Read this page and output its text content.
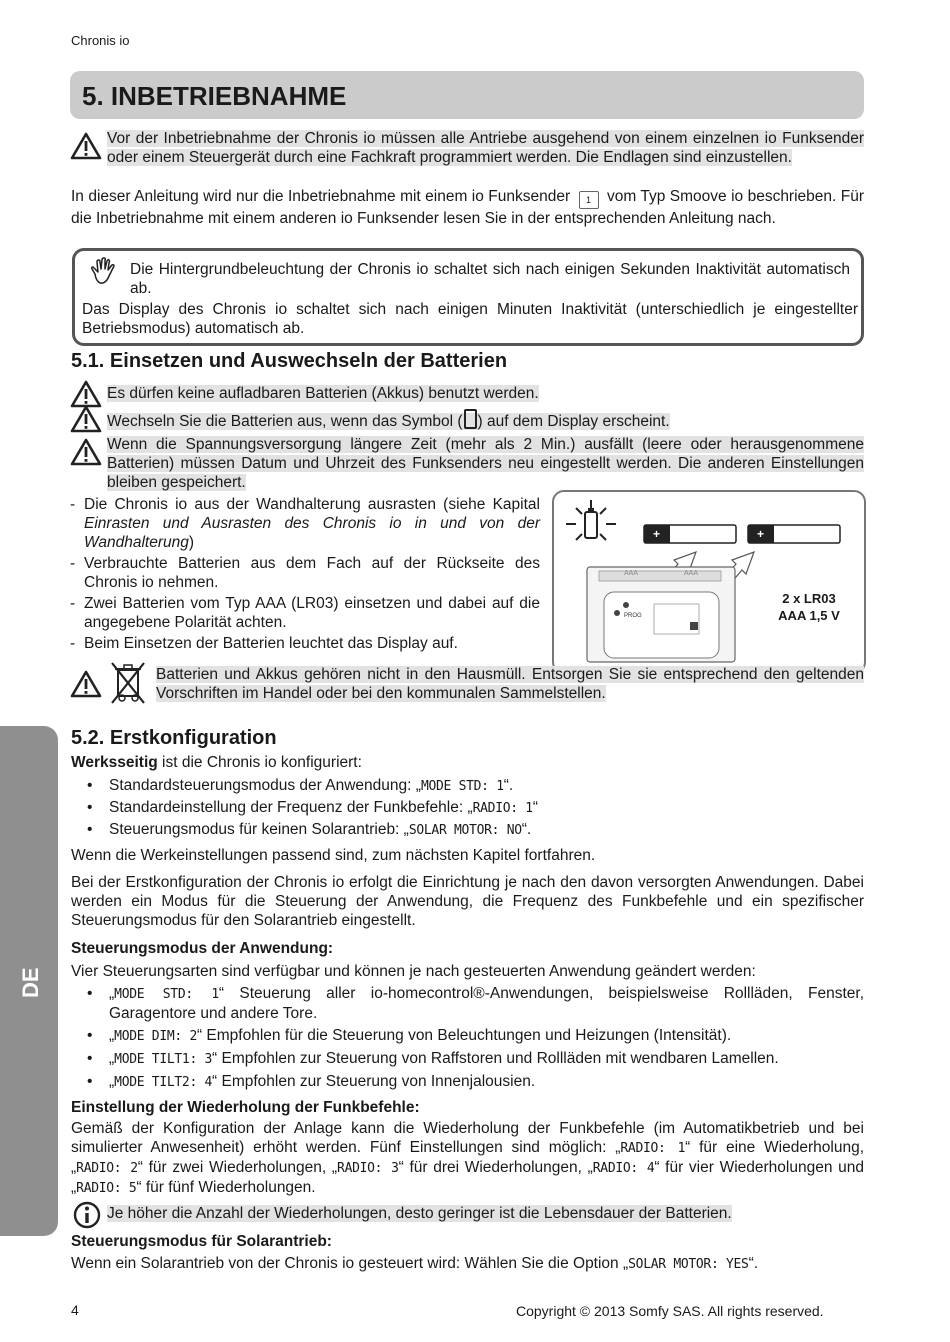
Chronis io
DE
5. INBETRIEBNAHME
Vor der Inbetriebnahme der Chronis io müssen alle Antriebe ausgehend von einem einzelnen io Funksender oder einem Steuergerät durch eine Fachkraft programmiert werden. Die Endlagen sind einzustellen.
In dieser Anleitung wird nur die Inbetriebnahme mit einem io Funksender 1 vom Typ Smoove io beschrieben. Für die Inbetriebnahme mit einem anderen io Funksender lesen Sie in der entsprechenden Anleitung nach.
Die Hintergrundbeleuchtung der Chronis io schaltet sich nach einigen Sekunden Inaktivität automatisch ab.
Das Display des Chronis io schaltet sich nach einigen Minuten Inaktivität (unterschiedlich je eingestellter Betriebsmodus) automatisch ab.
5.1. Einsetzen und Auswechseln der Batterien
Es dürfen keine aufladbaren Batterien (Akkus) benutzt werden.
Wechseln Sie die Batterien aus, wenn das Symbol ( ) auf dem Display erscheint.
Wenn die Spannungsversorgung längere Zeit (mehr als 2 Min.) ausfällt (leere oder herausgenommene Batterien) müssen Datum und Uhrzeit des Funksenders neu eingestellt werden. Die anderen Einstellungen bleiben gespeichert.
- Die Chronis io aus der Wandhalterung ausrasten (siehe Kapital Einrasten und Ausrasten des Chronis io in und von der Wandhalterung)
- Verbrauchte Batterien aus dem Fach auf der Rückseite des Chronis io nehmen.
- Zwei Batterien vom Typ AAA (LR03) einsetzen und dabei auf die angegebene Polarität achten.
- Beim Einsetzen der Batterien leuchtet das Display auf.
+	+
AAA	AAA
PROG
2 x LR03
AAA 1,5 V
Batterien und Akkus gehören nicht in den Hausmüll. Entsorgen Sie sie entsprechend den geltenden Vorschriften im Handel oder bei den kommunalen Sammelstellen.
5.2. Erstkonfiguration
Werksseitig ist die Chronis io konfiguriert:
• Standardsteuerungsmodus der Anwendung: „MODE STD: 1“.
• Standardeinstellung der Frequenz der Funkbefehle: „RADIO: 1“
• Steuerungsmodus für keinen Solarantrieb: „SOLAR MOTOR: NO“.
Wenn die Werkeinstellungen passend sind, zum nächsten Kapitel fortfahren.
Bei der Erstkonfiguration der Chronis io erfolgt die Einrichtung je nach den davon versorgten Anwendungen. Dabei werden ein Modus für die Steuerung der Anwendung, die Frequenz des Funkbefehle und ein spezifischer Steuerungsmodus für den Solarantrieb eingestellt.
Steuerungsmodus der Anwendung:
Vier Steuerungsarten sind verfügbar und können je nach gesteuerten Anwendung geändert werden:
• „MODE STD: 1“ Steuerung aller io-homecontrol®-Anwendungen, beispielsweise Rollläden, Fenster, Garagentore und andere Tore.
• „MODE DIM: 2“ Empfohlen für die Steuerung von Beleuchtungen und Heizungen (Intensität).
• „MODE TILT1: 3“ Empfohlen zur Steuerung von Raffstoren und Rollläden mit wendbaren Lamellen.
• „MODE TILT2: 4“ Empfohlen zur Steuerung von Innenjalousien.
Einstellung der Wiederholung der Funkbefehle:
Gemäß der Konfiguration der Anlage kann die Wiederholung der Funkbefehle (im Automatikbetrieb und bei simulierter Anwesenheit) erhöht werden. Fünf Einstellungen sind möglich: „RADIO: 1“ für eine Wiederholung, „RADIO: 2“ für zwei Wiederholungen, „RADIO: 3“ für drei Wiederholungen, „RADIO: 4“ für vier Wiederholungen und „RADIO: 5“ für fünf Wiederholungen.
Je höher die Anzahl der Wiederholungen, desto geringer ist die Lebensdauer der Batterien.
Steuerungsmodus für Solarantrieb:
Wenn ein Solarantrieb von der Chronis io gesteuert wird: Wählen Sie die Option „SOLAR MOTOR: YES“.
4	Copyright © 2013 Somfy SAS. All rights reserved.
